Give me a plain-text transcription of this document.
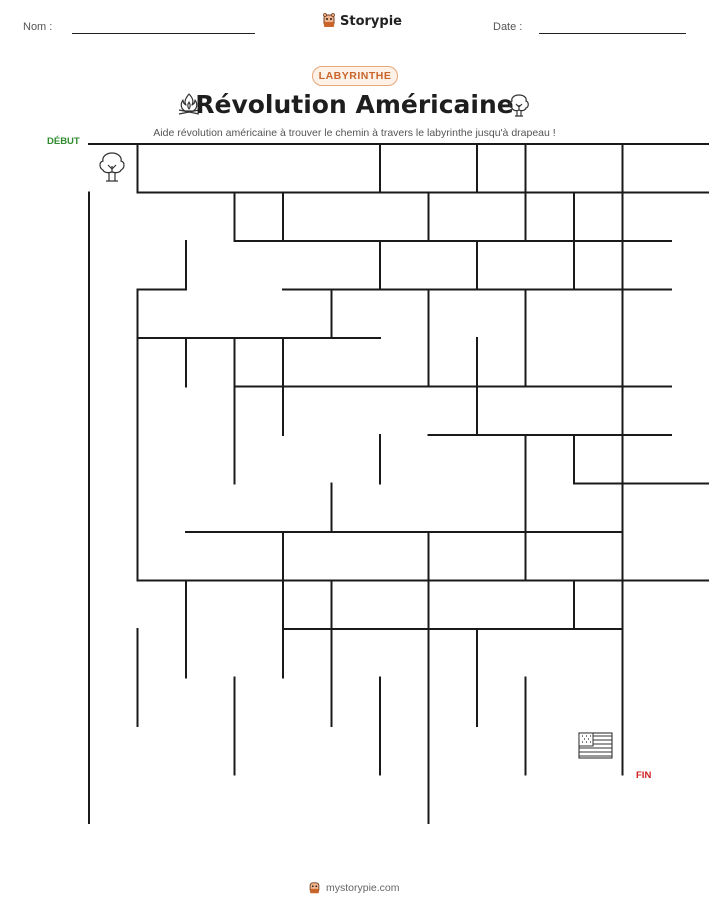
Nom :	Storypie	Date :
LABYRINTHE
Révolution Américaine
Aide révolution américaine à trouver le chemin à travers le labyrinthe jusqu'à drapeau !
DÉBUT
FIN
mystorypie.com
